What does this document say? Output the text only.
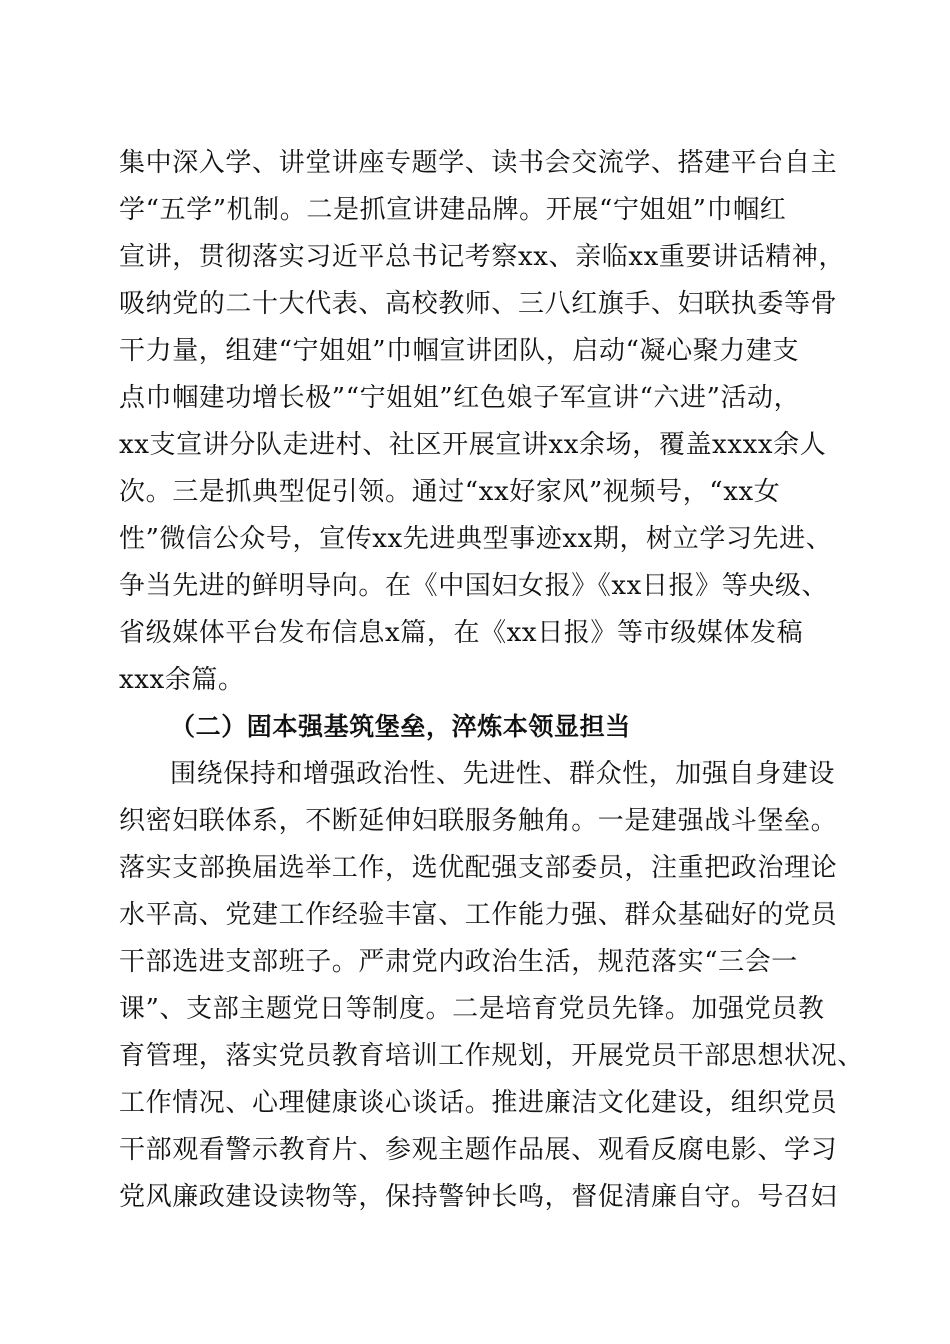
集中深入学、讲堂讲座专题学、读书会交流学、搭建平台自主
学“五学”机制。二是抓宣讲建品牌。开展“宁姐姐”巾帼红
宣讲，贯彻落实习近平总书记考察xx、亲临xx重要讲话精神，
吸纳党的二十大代表、高校教师、三八红旗手、妇联执委等骨
干力量，组建“宁姐姐”巾帼宣讲团队，启动“凝心聚力建支
点巾帼建功增长极”“宁姐姐”红色娘子军宣讲“六进”活动，
xx支宣讲分队走进村、社区开展宣讲xx余场，覆盖xxxx余人
次。三是抓典型促引领。通过“xx好家风”视频号，“xx女
性”微信公众号，宣传xx先进典型事迹xx期，树立学习先进、
争当先进的鲜明导向。在《中国妇女报》《xx日报》等央级、
省级媒体平台发布信息x篇，在《xx日报》等市级媒体发稿
xxx余篇。
（二）固本强基筑堡垒，淬炼本领显担当
围绕保持和增强政治性、先进性、群众性，加强自身建设
织密妇联体系，不断延伸妇联服务触角。一是建强战斗堡垒。
落实支部换届选举工作，选优配强支部委员，注重把政治理论
水平高、党建工作经验丰富、工作能力强、群众基础好的党员
干部选进支部班子。严肃党内政治生活，规范落实“三会一
课”、支部主题党日等制度。二是培育党员先锋。加强党员教
育管理，落实党员教育培训工作规划，开展党员干部思想状况、
工作情况、心理健康谈心谈话。推进廉洁文化建设，组织党员
干部观看警示教育片、参观主题作品展、观看反腐电影、学习
党风廉政建设读物等，保持警钟长鸣，督促清廉自守。号召妇
